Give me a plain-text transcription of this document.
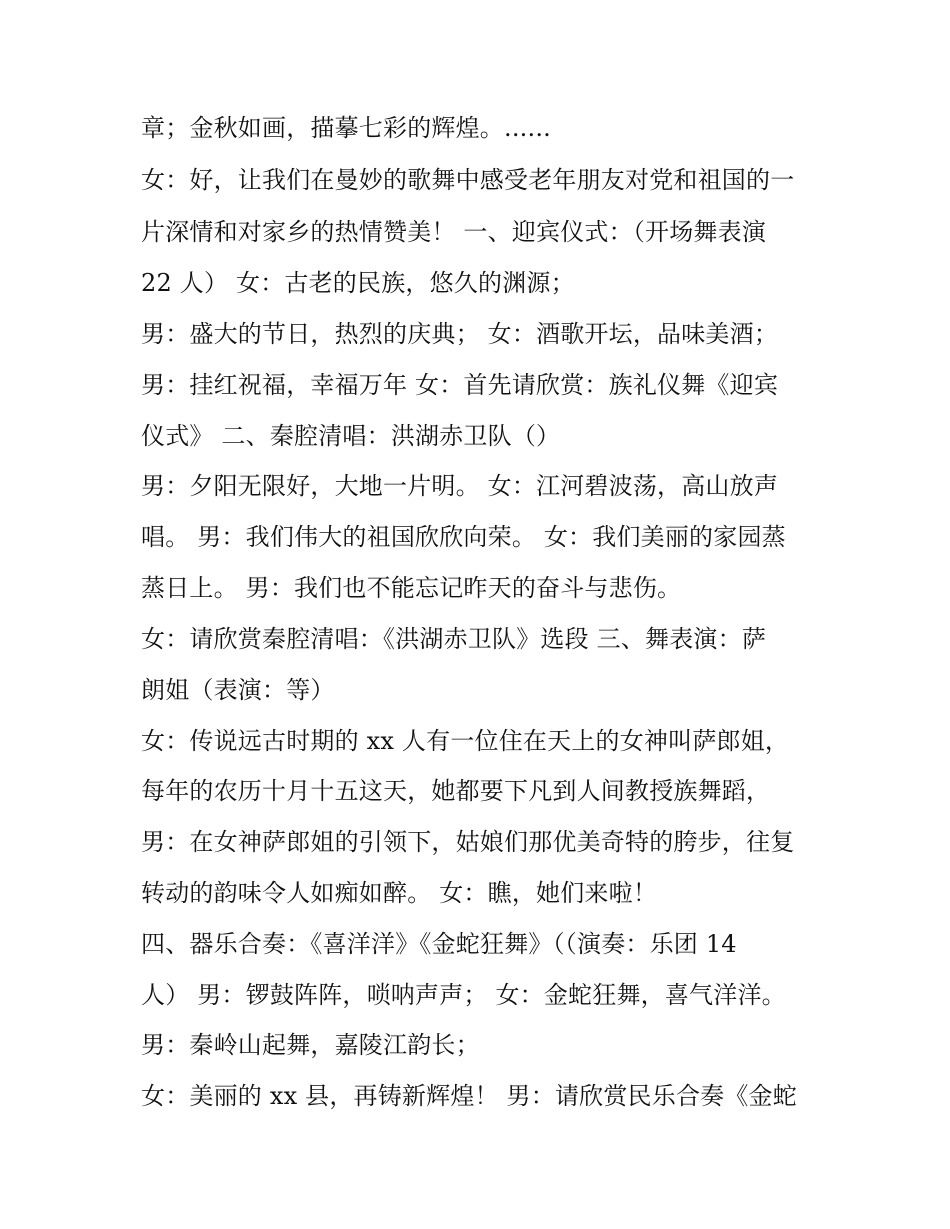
章；金秋如画，描摹七彩的辉煌。......
女：好，让我们在曼妙的歌舞中感受老年朋友对党和祖国的一
片深情和对家乡的热情赞美！ 一、迎宾仪式：（开场舞表演
22 人） 女：古老的民族，悠久的渊源；
男：盛大的节日，热烈的庆典； 女：酒歌开坛，品味美酒；
男：挂红祝福，幸福万年 女：首先请欣赏：族礼仪舞《迎宾
仪式》 二、秦腔清唱：洪湖赤卫队（）
男：夕阳无限好，大地一片明。 女：江河碧波荡，高山放声
唱。 男：我们伟大的祖国欣欣向荣。 女：我们美丽的家园蒸
蒸日上。 男：我们也不能忘记昨天的奋斗与悲伤。
女：请欣赏秦腔清唱：《洪湖赤卫队》选段 三、舞表演：萨
朗姐（表演：等）
女：传说远古时期的 xx 人有一位住在天上的女神叫萨郎姐，
每年的农历十月十五这天，她都要下凡到人间教授族舞蹈，
男：在女神萨郎姐的引领下，姑娘们那优美奇特的胯步，往复
转动的韵味令人如痴如醉。 女：瞧，她们来啦！
四、器乐合奏：《喜洋洋》《金蛇狂舞》（（演奏：乐团 14
人） 男：锣鼓阵阵，唢呐声声； 女：金蛇狂舞，喜气洋洋。
男：秦岭山起舞，嘉陵江韵长；
女：美丽的 xx 县，再铸新辉煌！ 男：请欣赏民乐合奏《金蛇
